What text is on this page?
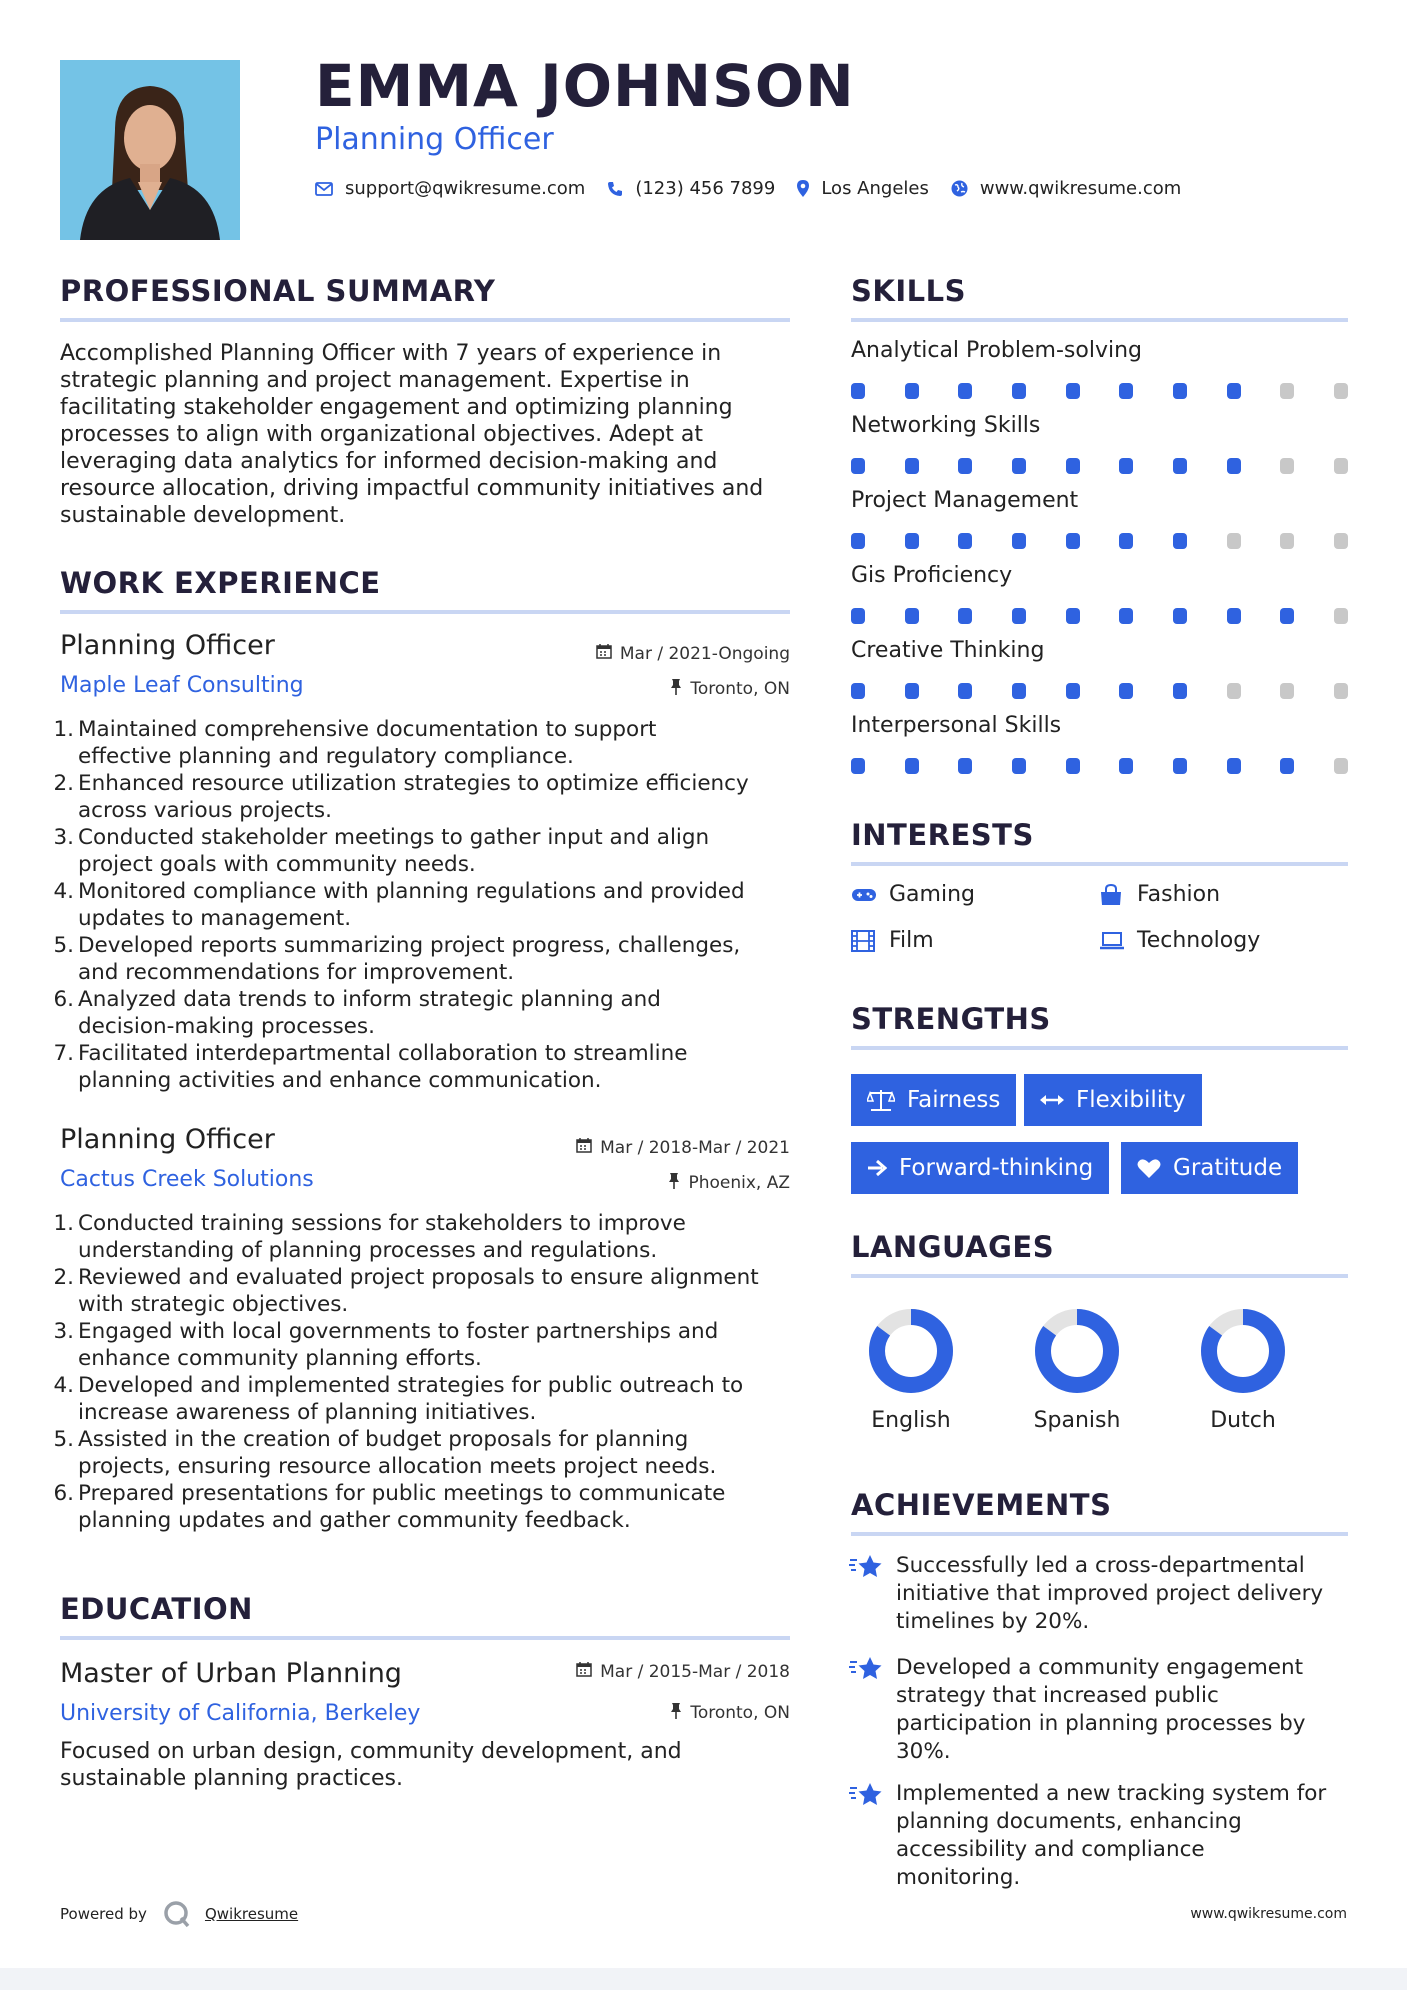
EMMA JOHNSON
Planning Officer
support@qwikresume.com	(123) 456 7899	Los Angeles	www.qwikresume.com
PROFESSIONAL SUMMARY
Accomplished Planning Officer with 7 years of experience in
strategic planning and project management. Expertise in
facilitating stakeholder engagement and optimizing planning
processes to align with organizational objectives. Adept at
leveraging data analytics for informed decision-making and
resource allocation, driving impactful community initiatives and
sustainable development.
WORK EXPERIENCE
Planning Officer
Maple Leaf Consulting
Mar / 2021-Ongoing
Toronto, ON
1. Maintained comprehensive documentation to support
effective planning and regulatory compliance.
2. Enhanced resource utilization strategies to optimize efficiency
across various projects.
3. Conducted stakeholder meetings to gather input and align
project goals with community needs.
4. Monitored compliance with planning regulations and provided
updates to management.
5. Developed reports summarizing project progress, challenges,
and recommendations for improvement.
6. Analyzed data trends to inform strategic planning and
decision-making processes.
7. Facilitated interdepartmental collaboration to streamline
planning activities and enhance communication.
Planning Officer
Cactus Creek Solutions
Mar / 2018-Mar / 2021
Phoenix, AZ
1. Conducted training sessions for stakeholders to improve
understanding of planning processes and regulations.
2. Reviewed and evaluated project proposals to ensure alignment
with strategic objectives.
3. Engaged with local governments to foster partnerships and
enhance community planning efforts.
4. Developed and implemented strategies for public outreach to
increase awareness of planning initiatives.
5. Assisted in the creation of budget proposals for planning
projects, ensuring resource allocation meets project needs.
6. Prepared presentations for public meetings to communicate
planning updates and gather community feedback.
EDUCATION
Master of Urban Planning
University of California, Berkeley
Mar / 2015-Mar / 2018
Toronto, ON
Focused on urban design, community development, and
sustainable planning practices.
SKILLS
Analytical Problem-solving
Networking Skills
Project Management
Gis Proficiency
Creative Thinking
Interpersonal Skills
INTERESTS
Gaming	Fashion
Film	Technology
STRENGTHS
Fairness	Flexibility
Forward-thinking	Gratitude
LANGUAGES
English	Spanish	Dutch
ACHIEVEMENTS
Successfully led a cross-departmental
initiative that improved project delivery
timelines by 20%.
Developed a community engagement
strategy that increased public
participation in planning processes by
30%.
Implemented a new tracking system for
planning documents, enhancing
accessibility and compliance
monitoring.
Powered by	Qwikresume	www.qwikresume.com
